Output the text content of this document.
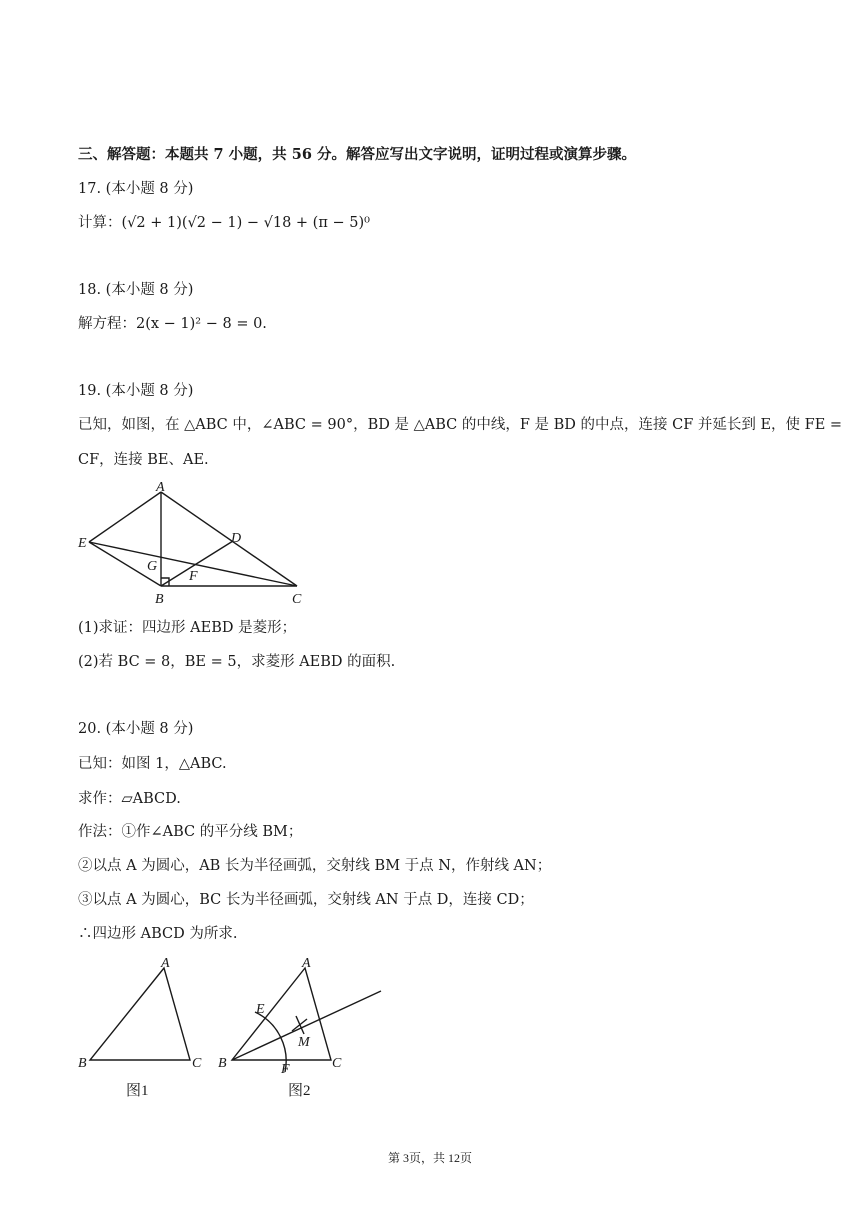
三、解答题：本题共 7 小题，共 56 分。解答应写出文字说明，证明过程或演算步骤。
17. (本小题 8 分)
计算：(√2 + 1)(√2 − 1) − √18 + (π − 5)⁰
18. (本小题 8 分)
解方程：2(x − 1)² − 8 = 0.
19. (本小题 8 分)
已知，如图，在 △ABC 中，∠ABC = 90°，BD 是 △ABC 的中线，F 是 BD 的中点，连接 CF 并延长到 E，使 FE =
CF，连接 BE、AE.
A
B	C
D
E
F
G
(1)求证：四边形 AEBD 是菱形；
(2)若 BC = 8，BE = 5，求菱形 AEBD 的面积.
20. (本小题 8 分)
已知：如图 1，△ABC.
求作：▱ABCD.
作法：①作∠ABC 的平分线 BM；
②以点 A 为圆心，AB 长为半径画弧，交射线 BM 于点 N，作射线 AN；
③以点 A 为圆心，BC 长为半径画弧，交射线 AN 于点 D，连接 CD；
∴四边形 ABCD 为所求.
A
B	C
图1
A
B	C
E
F
M
图2
第 3页，共 12页
